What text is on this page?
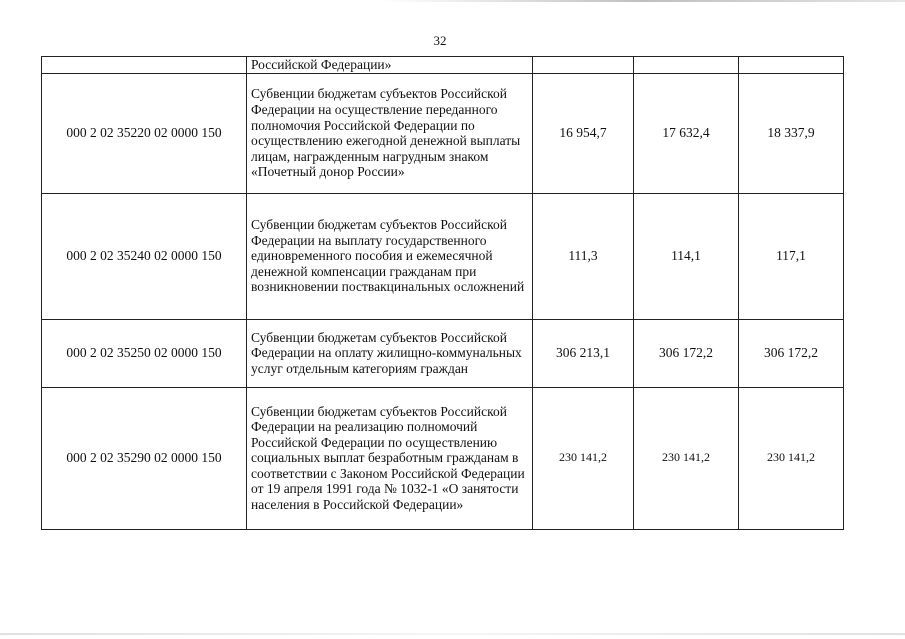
32
	Российской Федерации»			
000 2 02 35220 02 0000 150	Субвенции бюджетам субъектов Российской Федерации на осуществление переданного полномочия Российской Федерации по осуществлению ежегодной денежной выплаты лицам, награжденным нагрудным знаком «Почетный донор России»	16 954,7	17 632,4	18 337,9
000 2 02 35240 02 0000 150	Субвенции бюджетам субъектов Российской Федерации на выплату государственного единовременного пособия и ежемесячной денежной компенсации гражданам при возникновении поствакцинальных осложнений	111,3	114,1	117,1
000 2 02 35250 02 0000 150	Субвенции бюджетам субъектов Российской Федерации на оплату жилищно-коммунальных услуг отдельным категориям граждан	306 213,1	306 172,2	306 172,2
000 2 02 35290 02 0000 150	Субвенции бюджетам субъектов Российской Федерации на реализацию полномочий Российской Федерации по осуществлению социальных выплат безработным гражданам в соответствии с Законом Российской Федерации от 19 апреля 1991 года № 1032-1 «О занятости населения в Российской Федерации»	230 141,2	230 141,2	230 141,2
